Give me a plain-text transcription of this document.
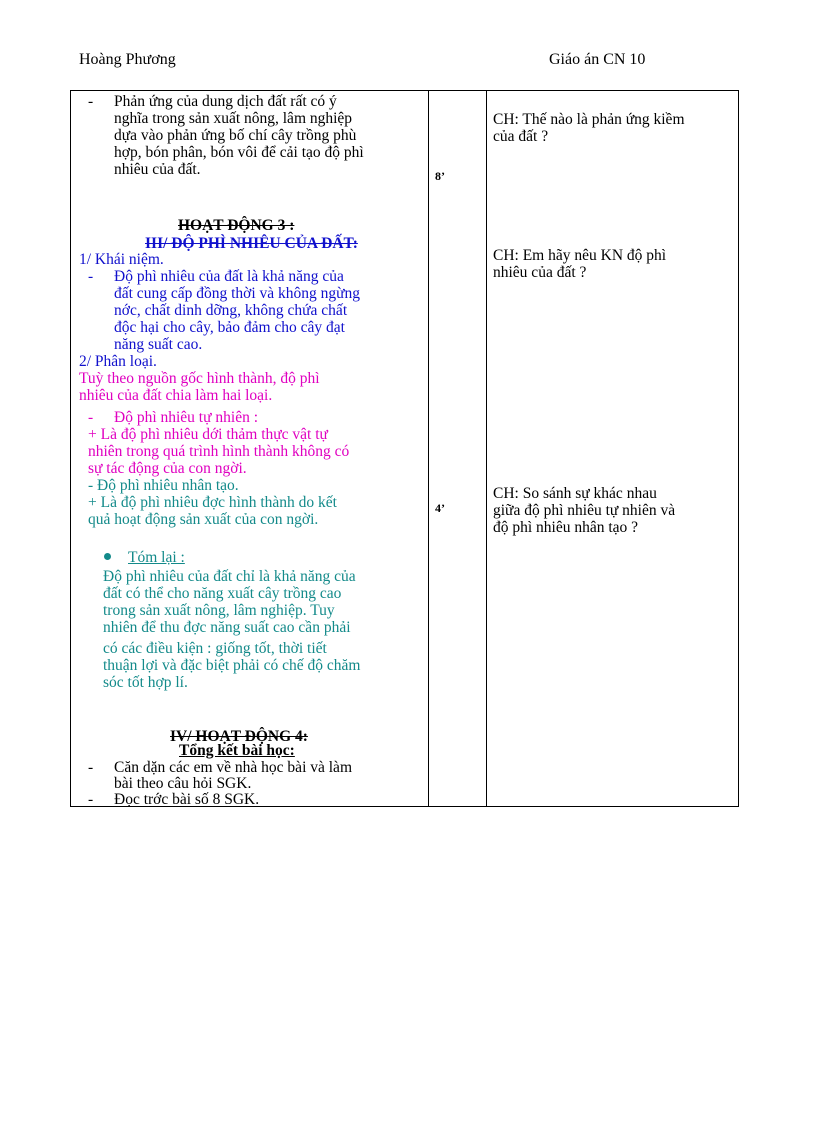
Hoàng Phương	Giáo án CN 10
- Phản ứng của dung dịch đất rất có ý
nghĩa trong sản xuất nông, lâm nghiệp
dựa vào phản ứng bố chí cây trồng phù
hợp, bón phân, bón vôi để cải tạo độ phì
nhiêu của đất.
HOẠT ĐỘNG 3 :
III/ ĐỘ PHÌ NHIÊU CỦA ĐẤT:
1/ Khái niệm.
- Độ phì nhiêu của đất là khả năng của
đất cung cấp đồng thời và không ngừng
nớc, chất dinh dỡng, không chứa chất
độc hại cho cây, bảo đảm cho cây đạt
năng suất cao.
2/ Phân loại.
Tuỳ theo nguồn gốc hình thành, độ phì
nhiêu của đất chia làm hai loại.
- Độ phì nhiêu tự nhiên :
+ Là độ phì nhiêu dới thảm thực vật tự
nhiên trong quá trình hình thành không có
sự tác động của con ngời.
- Độ phì nhiêu nhân tạo.
+ Là độ phì nhiêu đợc hình thành do kết
quả hoạt động sản xuất của con ngời.
Tóm lại :
Độ phì nhiêu của đất chỉ là khả năng của
đất có thể cho năng xuất cây trồng cao
trong sản xuất nông, lâm nghiệp. Tuy
nhiên để thu đợc năng suất cao cần phải
có các điều kiện : giống tốt, thời tiết
thuận lợi và đặc biệt phải có chế độ chăm
sóc tốt hợp lí.
IV/ HOẠT ĐỘNG 4:
Tổng kết bài học:
- Căn dặn các em về nhà học bài và làm
bài theo câu hỏi SGK.
- Đọc trớc bài số 8 SGK.
8’
4’
CH: Thế nào là phản ứng kiềm
của đất ?
CH: Em hãy nêu KN độ phì
nhiêu của đất ?
CH: So sánh sự khác nhau
giữa độ phì nhiêu tự nhiên và
độ phì nhiêu nhân tạo ?
